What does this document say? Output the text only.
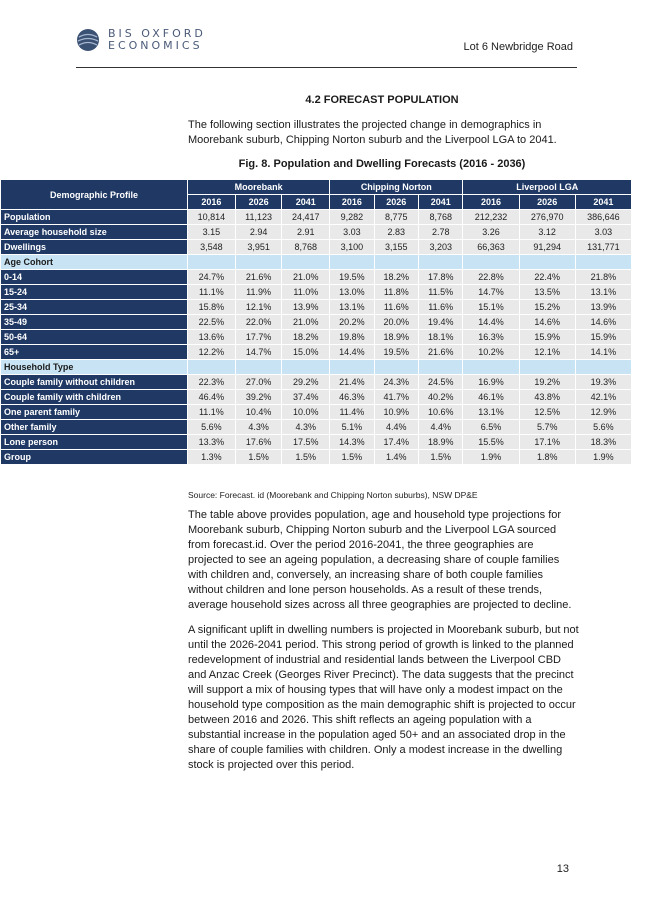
BIS OXFORD
ECONOMICS	Lot 6 Newbridge Road
4.2 FORECAST POPULATION

The following section illustrates the projected change in demographics in Moorebank suburb, Chipping Norton suburb and the Liverpool LGA to 2041.

Fig. 8. Population and Dwelling Forecasts (2016 - 2036)
Demographic Profile	Moorebank			Chipping Norton			Liverpool LGA		
	2016	2026	2041	2016	2026	2041	2016	2026	2041
Population	10,814	11,123	24,417	9,282	8,775	8,768	212,232	276,970	386,646
Average household size	3.15	2.94	2.91	3.03	2.83	2.78	3.26	3.12	3.03
Dwellings	3,548	3,951	8,768	3,100	3,155	3,203	66,363	91,294	131,771
Age Cohort									
0-14	24.7%	21.6%	21.0%	19.5%	18.2%	17.8%	22.8%	22.4%	21.8%
15-24	11.1%	11.9%	11.0%	13.0%	11.8%	11.5%	14.7%	13.5%	13.1%
25-34	15.8%	12.1%	13.9%	13.1%	11.6%	11.6%	15.1%	15.2%	13.9%
35-49	22.5%	22.0%	21.0%	20.2%	20.0%	19.4%	14.4%	14.6%	14.6%
50-64	13.6%	17.7%	18.2%	19.8%	18.9%	18.1%	16.3%	15.9%	15.9%
65+	12.2%	14.7%	15.0%	14.4%	19.5%	21.6%	10.2%	12.1%	14.1%
Household Type									
Couple family without children	22.3%	27.0%	29.2%	21.4%	24.3%	24.5%	16.9%	19.2%	19.3%
Couple family with children	46.4%	39.2%	37.4%	46.3%	41.7%	40.2%	46.1%	43.8%	42.1%
One parent family	11.1%	10.4%	10.0%	11.4%	10.9%	10.6%	13.1%	12.5%	12.9%
Other family	5.6%	4.3%	4.3%	5.1%	4.4%	4.4%	6.5%	5.7%	5.6%
Lone person	13.3%	17.6%	17.5%	14.3%	17.4%	18.9%	15.5%	17.1%	18.3%
Group	1.3%	1.5%	1.5%	1.5%	1.4%	1.5%	1.9%	1.8%	1.9%
Source: Forecast. id (Moorebank and Chipping Norton suburbs), NSW DP&E

The table above provides population, age and household type projections for Moorebank suburb, Chipping Norton suburb and the Liverpool LGA sourced from forecast.id. Over the period 2016-2041, the three geographies are projected to see an ageing population, a decreasing share of couple families with children and, conversely, an increasing share of both couple families without children and lone person households. As a result of these trends, average household sizes across all three geographies are projected to decline.

A significant uplift in dwelling numbers is projected in Moorebank suburb, but not until the 2026-2041 period. This strong period of growth is linked to the planned redevelopment of industrial and residential lands between the Liverpool CBD and Anzac Creek (Georges River Precinct). The data suggests that the precinct will support a mix of housing types that will have only a modest impact on the household type composition as the main demographic shift is projected to occur between 2016 and 2026. This shift reflects an ageing population with a substantial increase in the population aged 50+ and an associated drop in the share of couple families with children. Only a modest increase in the dwelling stock is projected over this period.

13
